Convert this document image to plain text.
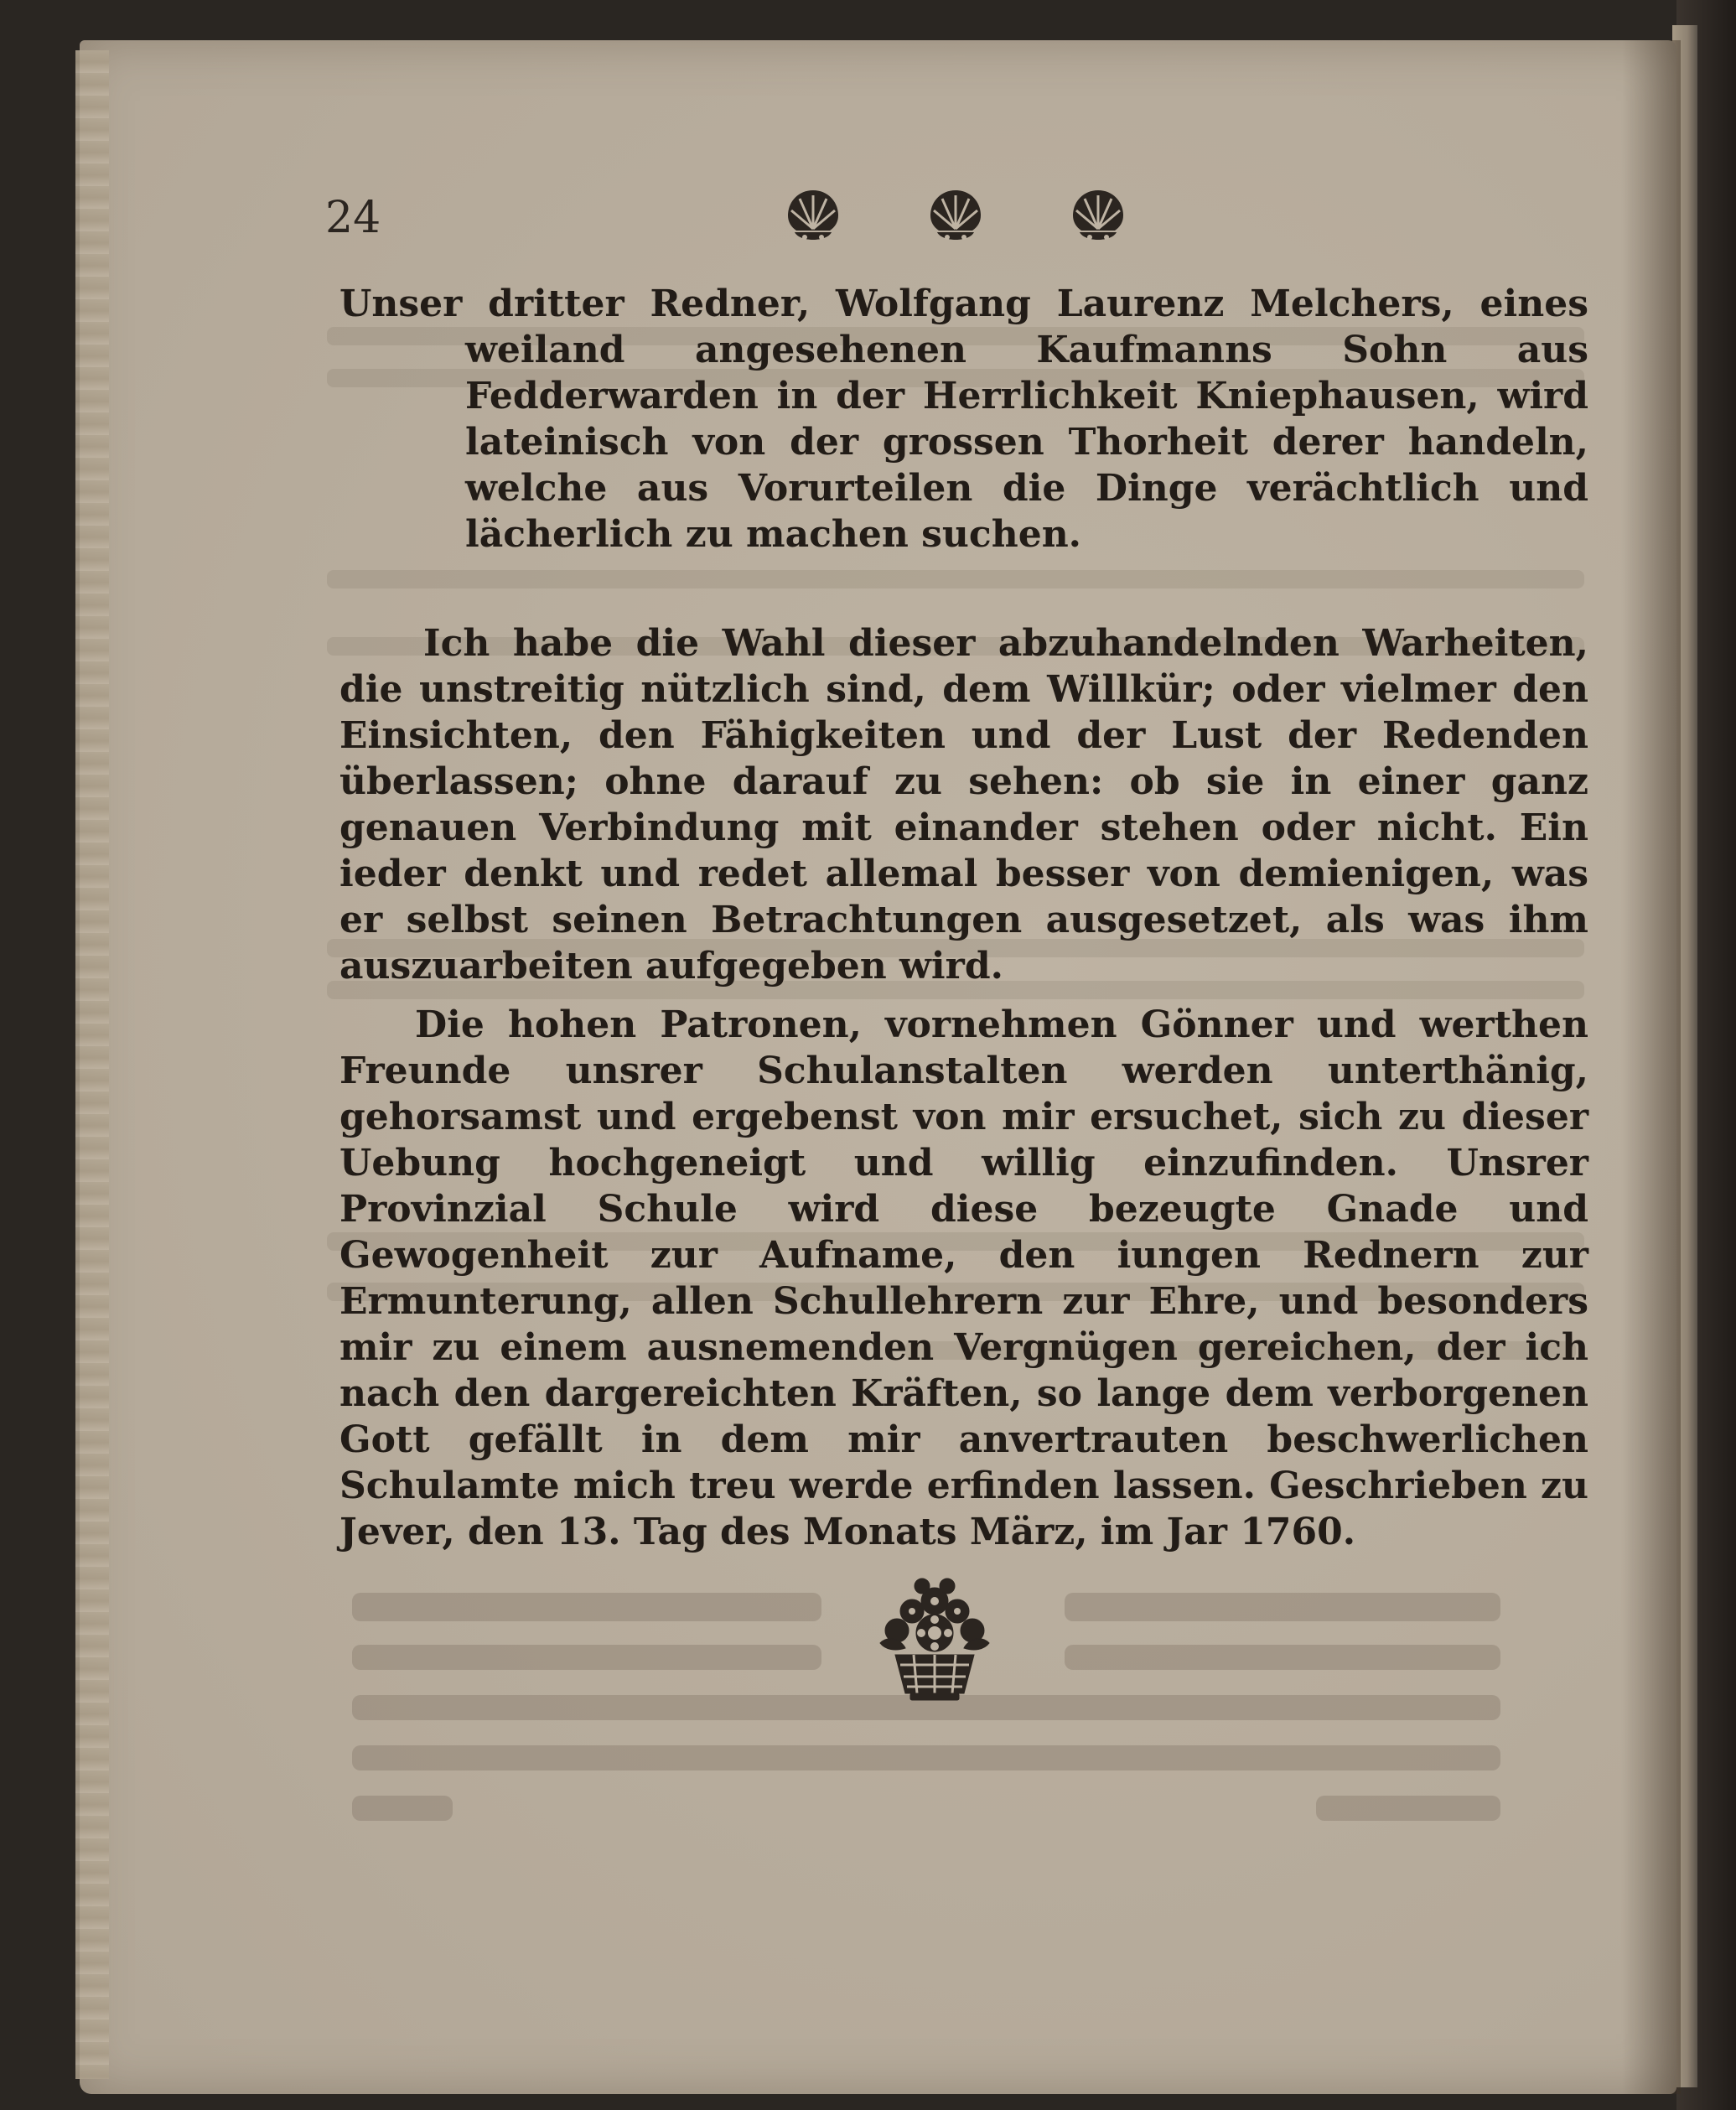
24

Unser dritter Redner, Wolfgang Laurenz Melchers, eines weiland angesehenen Kaufmanns Sohn aus Fedderwarden in der Herrlichkeit Kniephausen, wird lateinisch von der grossen Thorheit derer handeln, welche aus Vorurteilen die Dinge verächtlich und lächerlich zu machen suchen.

Ich habe die Wahl dieser abzuhandelnden Warheiten, die unstreitig nützlich sind, dem Willkür; oder vielmer den Einsichten, den Fähigkeiten und der Lust der Redenden überlassen; ohne darauf zu sehen: ob sie in einer ganz genauen Verbindung mit einander stehen oder nicht. Ein ieder denkt und redet allemal besser von demienigen, was er selbst seinen Betrachtungen ausgesetzet, als was ihm auszuarbeiten aufgegeben wird.

Die hohen Patronen, vornehmen Gönner und werthen Freunde unsrer Schulanstalten werden unterthänig, gehorsamst und ergebenst von mir ersuchet, sich zu dieser Uebung hochgeneigt und willig einzufinden. Unsrer Provinzial Schule wird diese bezeugte Gnade und Gewogenheit zur Aufname, den iungen Rednern zur Ermunterung, allen Schullehrern zur Ehre, und besonders mir zu einem ausnemenden Vergnügen gereichen, der ich nach den dargereichten Kräften, so lange dem verborgenen Gott gefällt in dem mir anvertrauten beschwerlichen Schulamte mich treu werde erfinden lassen. Geschrieben zu Jever, den 13. Tag des Monats März, im Jar 1760.
